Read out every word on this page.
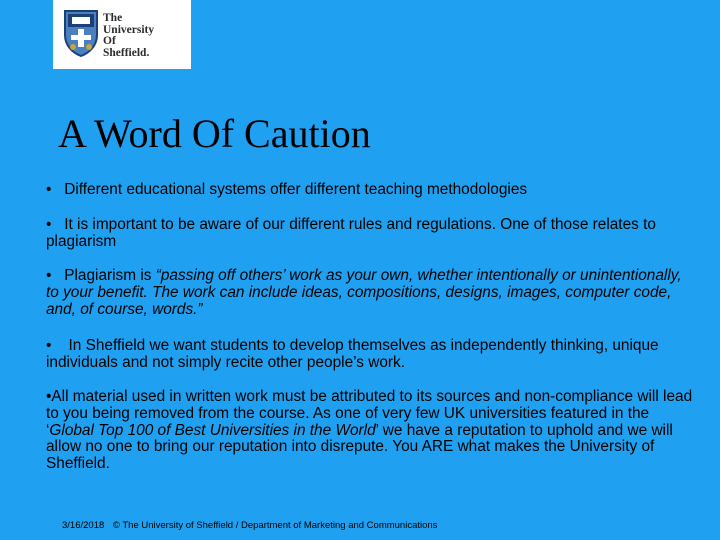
The
University
Of
Sheffield.
A Word Of Caution

• Different educational systems offer different teaching methodologies

• It is important to be aware of our different rules and regulations. One of those relates to plagiarism

• Plagiarism is “passing off others’ work as your own, whether intentionally or unintentionally, to your benefit. The work can include ideas, compositions, designs, images, computer code, and, of course, words.”

• In Sheffield we want students to develop themselves as independently thinking, unique individuals and not simply recite other people’s work.

•All material used in written work must be attributed to its sources and non-compliance will lead to you being removed from the course. As one of very few UK universities featured in the ‘Global Top 100 of Best Universities in the World’ we have a reputation to uphold and we will allow no one to bring our reputation into disrepute. You ARE what makes the University of Sheffield.

3/16/2018 © The University of Sheffield / Department of Marketing and Communications
